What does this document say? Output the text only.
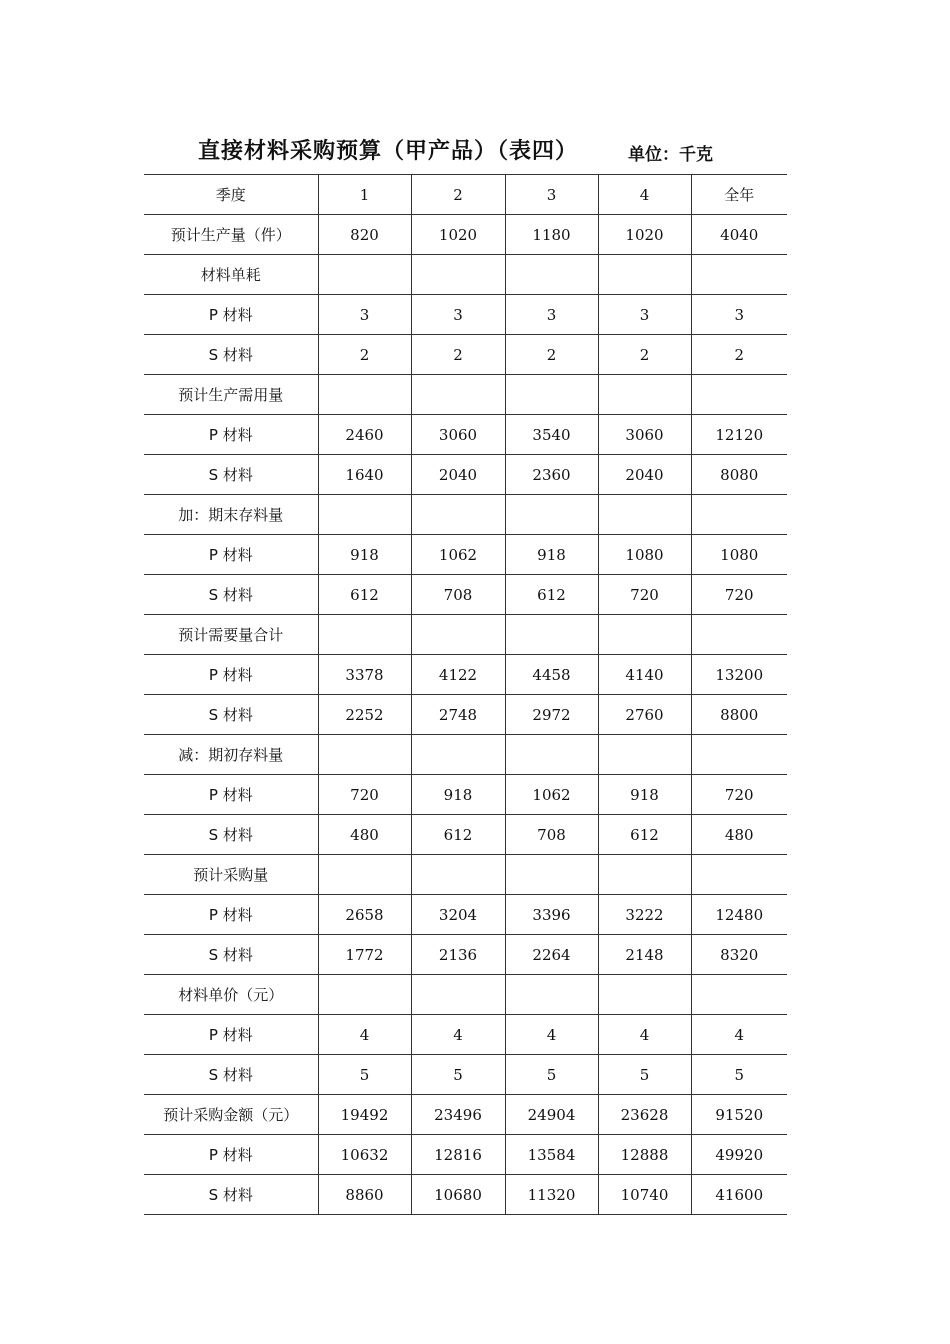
直接材料采购预算（甲产品）（表四）	单位：千克
季度	1	2	3	4	全年
预计生产量（件）	820	1020	1180	1020	4040
材料单耗					
P 材料	3	3	3	3	3
S 材料	2	2	2	2	2
预计生产需用量					
P 材料	2460	3060	3540	3060	12120
S 材料	1640	2040	2360	2040	8080
加：期末存料量					
P 材料	918	1062	918	1080	1080
S 材料	612	708	612	720	720
预计需要量合计					
P 材料	3378	4122	4458	4140	13200
S 材料	2252	2748	2972	2760	8800
减：期初存料量					
P 材料	720	918	1062	918	720
S 材料	480	612	708	612	480
预计采购量					
P 材料	2658	3204	3396	3222	12480
S 材料	1772	2136	2264	2148	8320
材料单价（元）					
P 材料	4	4	4	4	4
S 材料	5	5	5	5	5
预计采购金额（元）	19492	23496	24904	23628	91520
P 材料	10632	12816	13584	12888	49920
S 材料	8860	10680	11320	10740	41600
